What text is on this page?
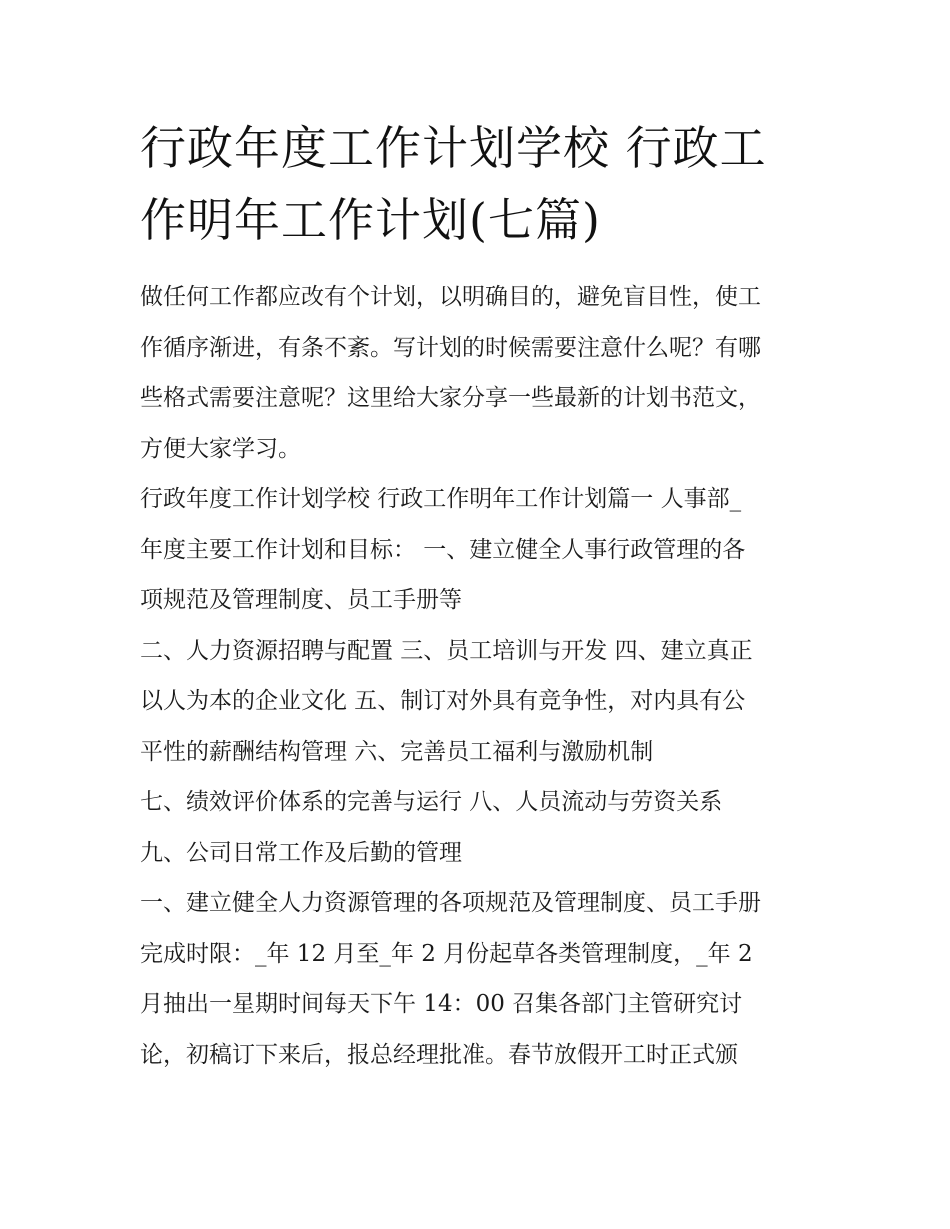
行政年度工作计划学校 行政工
作明年工作计划(七篇)
做任何工作都应改有个计划，以明确目的，避免盲目性，使工
作循序渐进，有条不紊。写计划的时候需要注意什么呢？有哪
些格式需要注意呢？这里给大家分享一些最新的计划书范文，
方便大家学习。
行政年度工作计划学校 行政工作明年工作计划篇一 人事部_
年度主要工作计划和目标： 一、建立健全人事行政管理的各
项规范及管理制度、员工手册等
二、人力资源招聘与配置 三、员工培训与开发 四、建立真正
以人为本的企业文化 五、制订对外具有竞争性，对内具有公
平性的薪酬结构管理 六、完善员工福利与激励机制
七、绩效评价体系的完善与运行 八、人员流动与劳资关系
九、公司日常工作及后勤的管理
一、建立健全人力资源管理的各项规范及管理制度、员工手册
完成时限：_年 12 月至_年 2 月份起草各类管理制度，_年 2
月抽出一星期时间每天下午 14：00 召集各部门主管研究讨
论，初稿订下来后，报总经理批准。春节放假开工时正式颁
